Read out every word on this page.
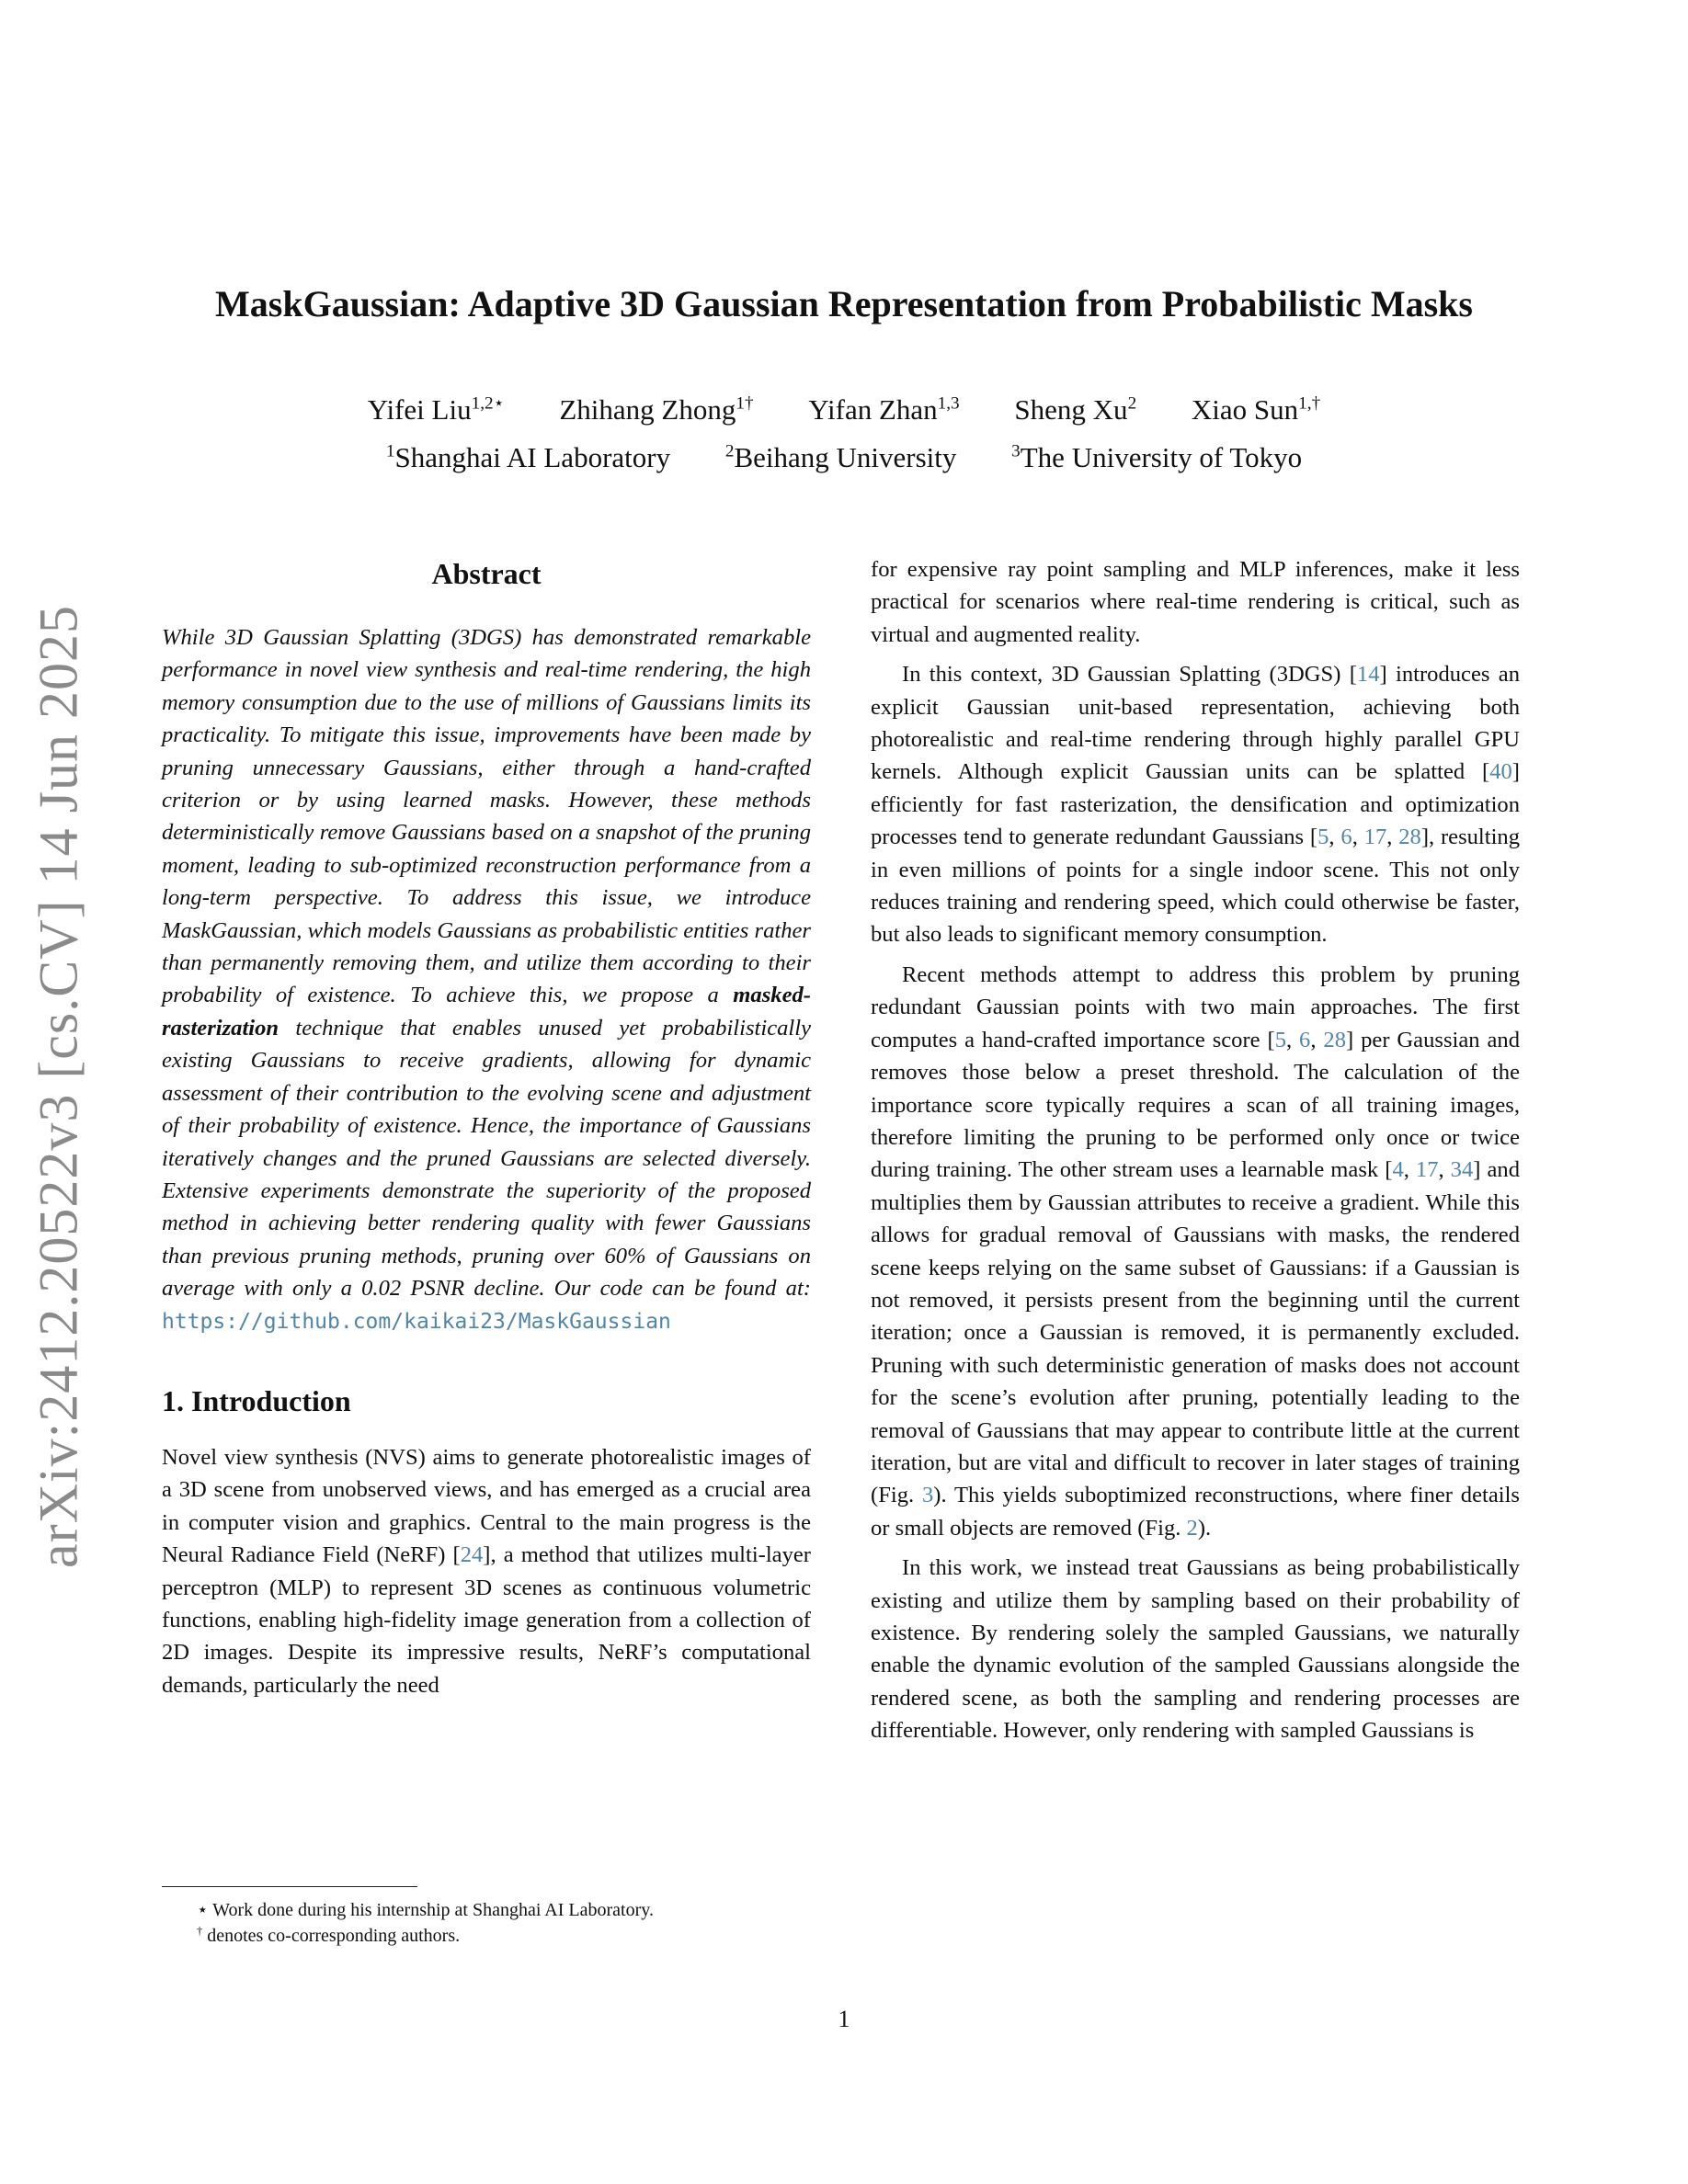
arXiv:2412.20522v3 [cs.CV] 14 Jun 2025
MaskGaussian: Adaptive 3D Gaussian Representation from Probabilistic Masks
Yifei Liu$^{1,2⋆}$ Zhihang Zhong$^{1\dagger}$ Yifan Zhan$^{1,3}$ Sheng Xu$^2$ Xiao Sun$^{1,\dagger}$
$^1$Shanghai AI Laboratory	$^2$Beihang University	$^3$The University of Tokyo
Abstract

While 3D Gaussian Splatting (3DGS) has demonstrated remarkable performance in novel view synthesis and real-time rendering, the high memory consumption due to the use of millions of Gaussians limits its practicality. To mitigate this issue, improvements have been made by pruning unnecessary Gaussians, either through a hand-crafted criterion or by using learned masks. However, these methods deterministically remove Gaussians based on a snapshot of the pruning moment, leading to sub-optimized reconstruction performance from a long-term perspective. To address this issue, we introduce MaskGaussian, which models Gaussians as probabilistic entities rather than permanently removing them, and utilize them according to their probability of existence. To achieve this, we propose a masked-rasterization technique that enables unused yet probabilistically existing Gaussians to receive gradients, allowing for dynamic assessment of their contribution to the evolving scene and adjustment of their probability of existence. Hence, the importance of Gaussians iteratively changes and the pruned Gaussians are selected diversely. Extensive experiments demonstrate the superiority of the proposed method in achieving better rendering quality with fewer Gaussians than previous pruning methods, pruning over 60% of Gaussians on average with only a 0.02 PSNR decline. Our code can be found at: https://github.com/kaikai23/MaskGaussian

1. Introduction

Novel view synthesis (NVS) aims to generate photorealistic images of a 3D scene from unobserved views, and has emerged as a crucial area in computer vision and graphics. Central to the main progress is the Neural Radiance Field (NeRF) [24], a method that utilizes multi-layer perceptron (MLP) to represent 3D scenes as continuous volumetric functions, enabling high-fidelity image generation from a collection of 2D images. Despite its impressive results, NeRF’s computational demands, particularly the need

for expensive ray point sampling and MLP inferences, make it less practical for scenarios where real-time rendering is critical, such as virtual and augmented reality.

In this context, 3D Gaussian Splatting (3DGS) [14] introduces an explicit Gaussian unit-based representation, achieving both photorealistic and real-time rendering through highly parallel GPU kernels. Although explicit Gaussian units can be splatted [40] efficiently for fast rasterization, the densification and optimization processes tend to generate redundant Gaussians [5, 6, 17, 28], resulting in even millions of points for a single indoor scene. This not only reduces training and rendering speed, which could otherwise be faster, but also leads to significant memory consumption.

Recent methods attempt to address this problem by pruning redundant Gaussian points with two main approaches. The first computes a hand-crafted importance score [5, 6, 28] per Gaussian and removes those below a preset threshold. The calculation of the importance score typically requires a scan of all training images, therefore limiting the pruning to be performed only once or twice during training. The other stream uses a learnable mask [4, 17, 34] and multiplies them by Gaussian attributes to receive a gradient. While this allows for gradual removal of Gaussians with masks, the rendered scene keeps relying on the same subset of Gaussians: if a Gaussian is not removed, it persists present from the beginning until the current iteration; once a Gaussian is removed, it is permanently excluded. Pruning with such deterministic generation of masks does not account for the scene’s evolution after pruning, potentially leading to the removal of Gaussians that may appear to contribute little at the current iteration, but are vital and difficult to recover in later stages of training (Fig. 3). This yields suboptimized reconstructions, where finer details or small objects are removed (Fig. 2).

In this work, we instead treat Gaussians as being probabilistically existing and utilize them by sampling based on their probability of existence. By rendering solely the sampled Gaussians, we naturally enable the dynamic evolution of the sampled Gaussians alongside the rendered scene, as both the sampling and rendering processes are differentiable. However, only rendering with sampled Gaussians is

⋆ Work done during his internship at Shanghai AI Laboratory.
† denotes co-corresponding authors.
1
